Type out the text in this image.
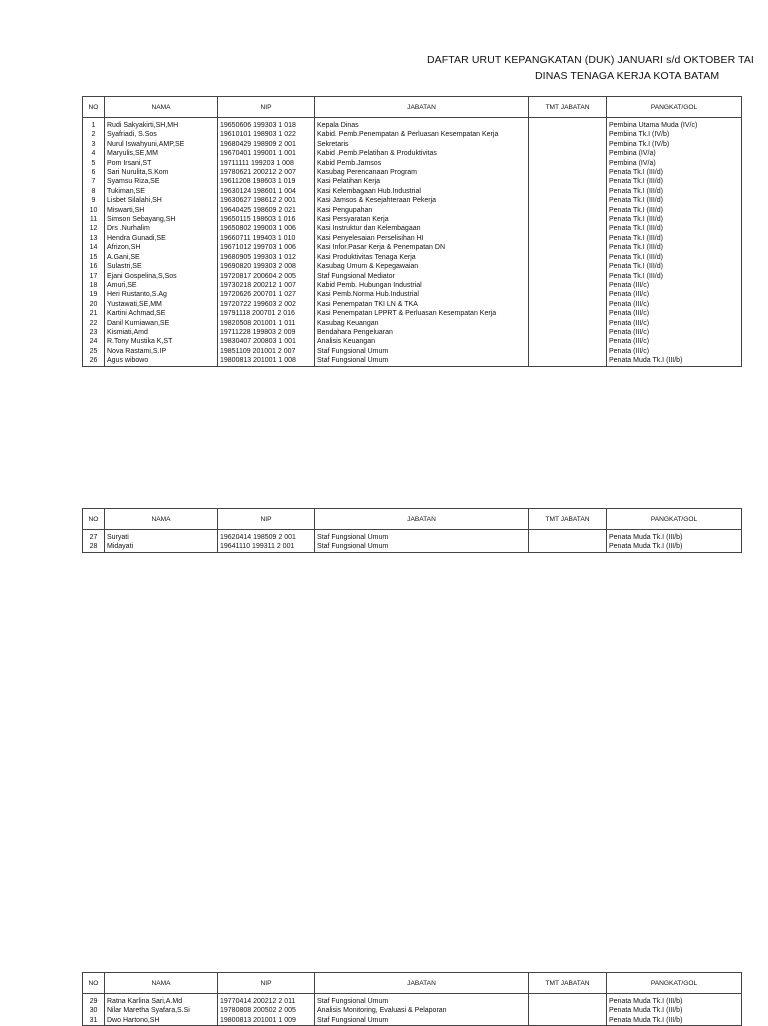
DAFTAR URUT KEPANGKATAN (DUK) JANUARI s/d OKTOBER TAI
DINAS TENAGA KERJA KOTA BATAM
NO	NAMA	NIP	JABATAN	TMT JABATAN	PANGKAT/GOL
1	Rudi Sakyakirti,SH,MH	19650606 199303 1 018	Kepala Dinas		Pembina Utama Muda (IV/c)
2	Syafriadi, S.Sos	19610101 198903 1 022	Kabid. Pemb.Penempatan & Perluasan Kesempatan Kerja		Pembina Tk.I (IV/b)
3	Nurul Iswahyuni,AMP,SE	19680429 198909 2 001	Sekretaris		Pembina Tk.I (IV/b)
4	Maryulis,SE,MM	19670401 199001 1 001	Kabid .Pemb.Pelatihan & Produktivitas		Pembina (IV/a)
5	Pom Irsani,ST	19711111 199203 1 008	Kabid Pemb.Jamsos		Pembina (IV/a)
6	Sari Nurulita,S.Kom	19780621 200212 2 007	Kasubag Perencanaan Program		Penata Tk.I (III/d)
7	Syamsu Riza,SE	19611208 198603 1 019	Kasi Pelatihan Kerja		Penata Tk.I (III/d)
8	Tukiman,SE	19630124 198601 1 004	Kasi Kelembagaan Hub.Industrial		Penata Tk.I (III/d)
9	Lisbet Silalahi,SH	19630627 198612 2 001	Kasi Jamsos & Kesejahteraan Pekerja		Penata Tk.I (III/d)
10	Miswarti,SH	19640425 198609 2 021	Kasi Pengupahan		Penata Tk.I (III/d)
11	Simson Sebayang,SH	19650115 198603 1 016	Kasi Persyaratan Kerja		Penata Tk.I (III/d)
12	Drs .Nurhalim	19650802 199003 1 006	Kasi Instruktur dan Kelembagaan		Penata Tk.I (III/d)
13	Hendra Gunadi,SE	19660711 199403 1 010	Kasi Penyelesaian Perselisihan HI		Penata Tk.I (III/d)
14	Afrizon,SH	19671012 199703 1 006	Kasi Infor.Pasar Kerja & Penempatan DN		Penata Tk.I (III/d)
15	A.Gani,SE	19680905 199303 1 012	Kasi Produktivitas Tenaga Kerja		Penata Tk.I (III/d)
16	Sulastri,SE	19690820 199303 2 008	Kasubag Umum & Kepegawaian		Penata Tk.I (III/d)
17	Ejani Gospelina,S,Sos	19720817 200604 2 005	Staf Fungsional Mediator		Penata Tk.I (III/d)
18	Amuri,SE	19730218 200212 1 007	Kabid Pemb. Hubungan Industrial		Penata (III/c)
19	Heri Rustanto,S.Ag	19720626 200701 1 027	Kasi Pemb.Norma Hub.Industrial		Penata (III/c)
20	Yustawati,SE,MM	19720722 199603 2 002	Kasi Penempatan TKI LN & TKA		Penata (III/c)
21	Kartini Achmad,SE	19791118 200701 2 016	Kasi Penempatan LPPRT & Perluasan Kesempatan Kerja		Penata (III/c)
22	Danil Kurniawan,SE	19820508 201001 1 011	Kasubag Keuangan		Penata (III/c)
23	Kismiati,Amd	19711228 199803 2 009	Bendahara Pengeluaran		Penata (III/c)
24	R.Tony Mustika K,ST	19830407 200803 1 001	Analisis Keuangan		Penata (III/c)
25	Nova Rastami,S.IP	19851109 201001 2 007	Staf Fungsional Umum		Penata (III/c)
26	Agus wibowo	19800813 201001 1 008	Staf Fungsional Umum		Penata Muda Tk.I (III/b)
NO	NAMA	NIP	JABATAN	TMT JABATAN	PANGKAT/GOL
27	Suryati	19620414 198509 2 001	Staf Fungsional Umum		Penata Muda Tk.I (III/b)
28	Midayati	19641110 199311 2 001	Staf Fungsional Umum		Penata Muda Tk.I (III/b)
NO	NAMA	NIP	JABATAN	TMT JABATAN	PANGKAT/GOL
29	Ratna Karlina Sari,A.Md	19770414 200212 2 011	Staf Fungsional Umum		Penata Muda Tk.I (III/b)
30	Nilar Maretha Syafara,S.Si	19780808 200502 2 005	Analisis Monitoring, Evaluasi & Pelaporan		Penata Muda Tk.I (III/b)
31	Dwo Hartono,SH	19800813 201001 1 009	Staf Fungsional Umum		Penata Muda Tk.I (III/b)
